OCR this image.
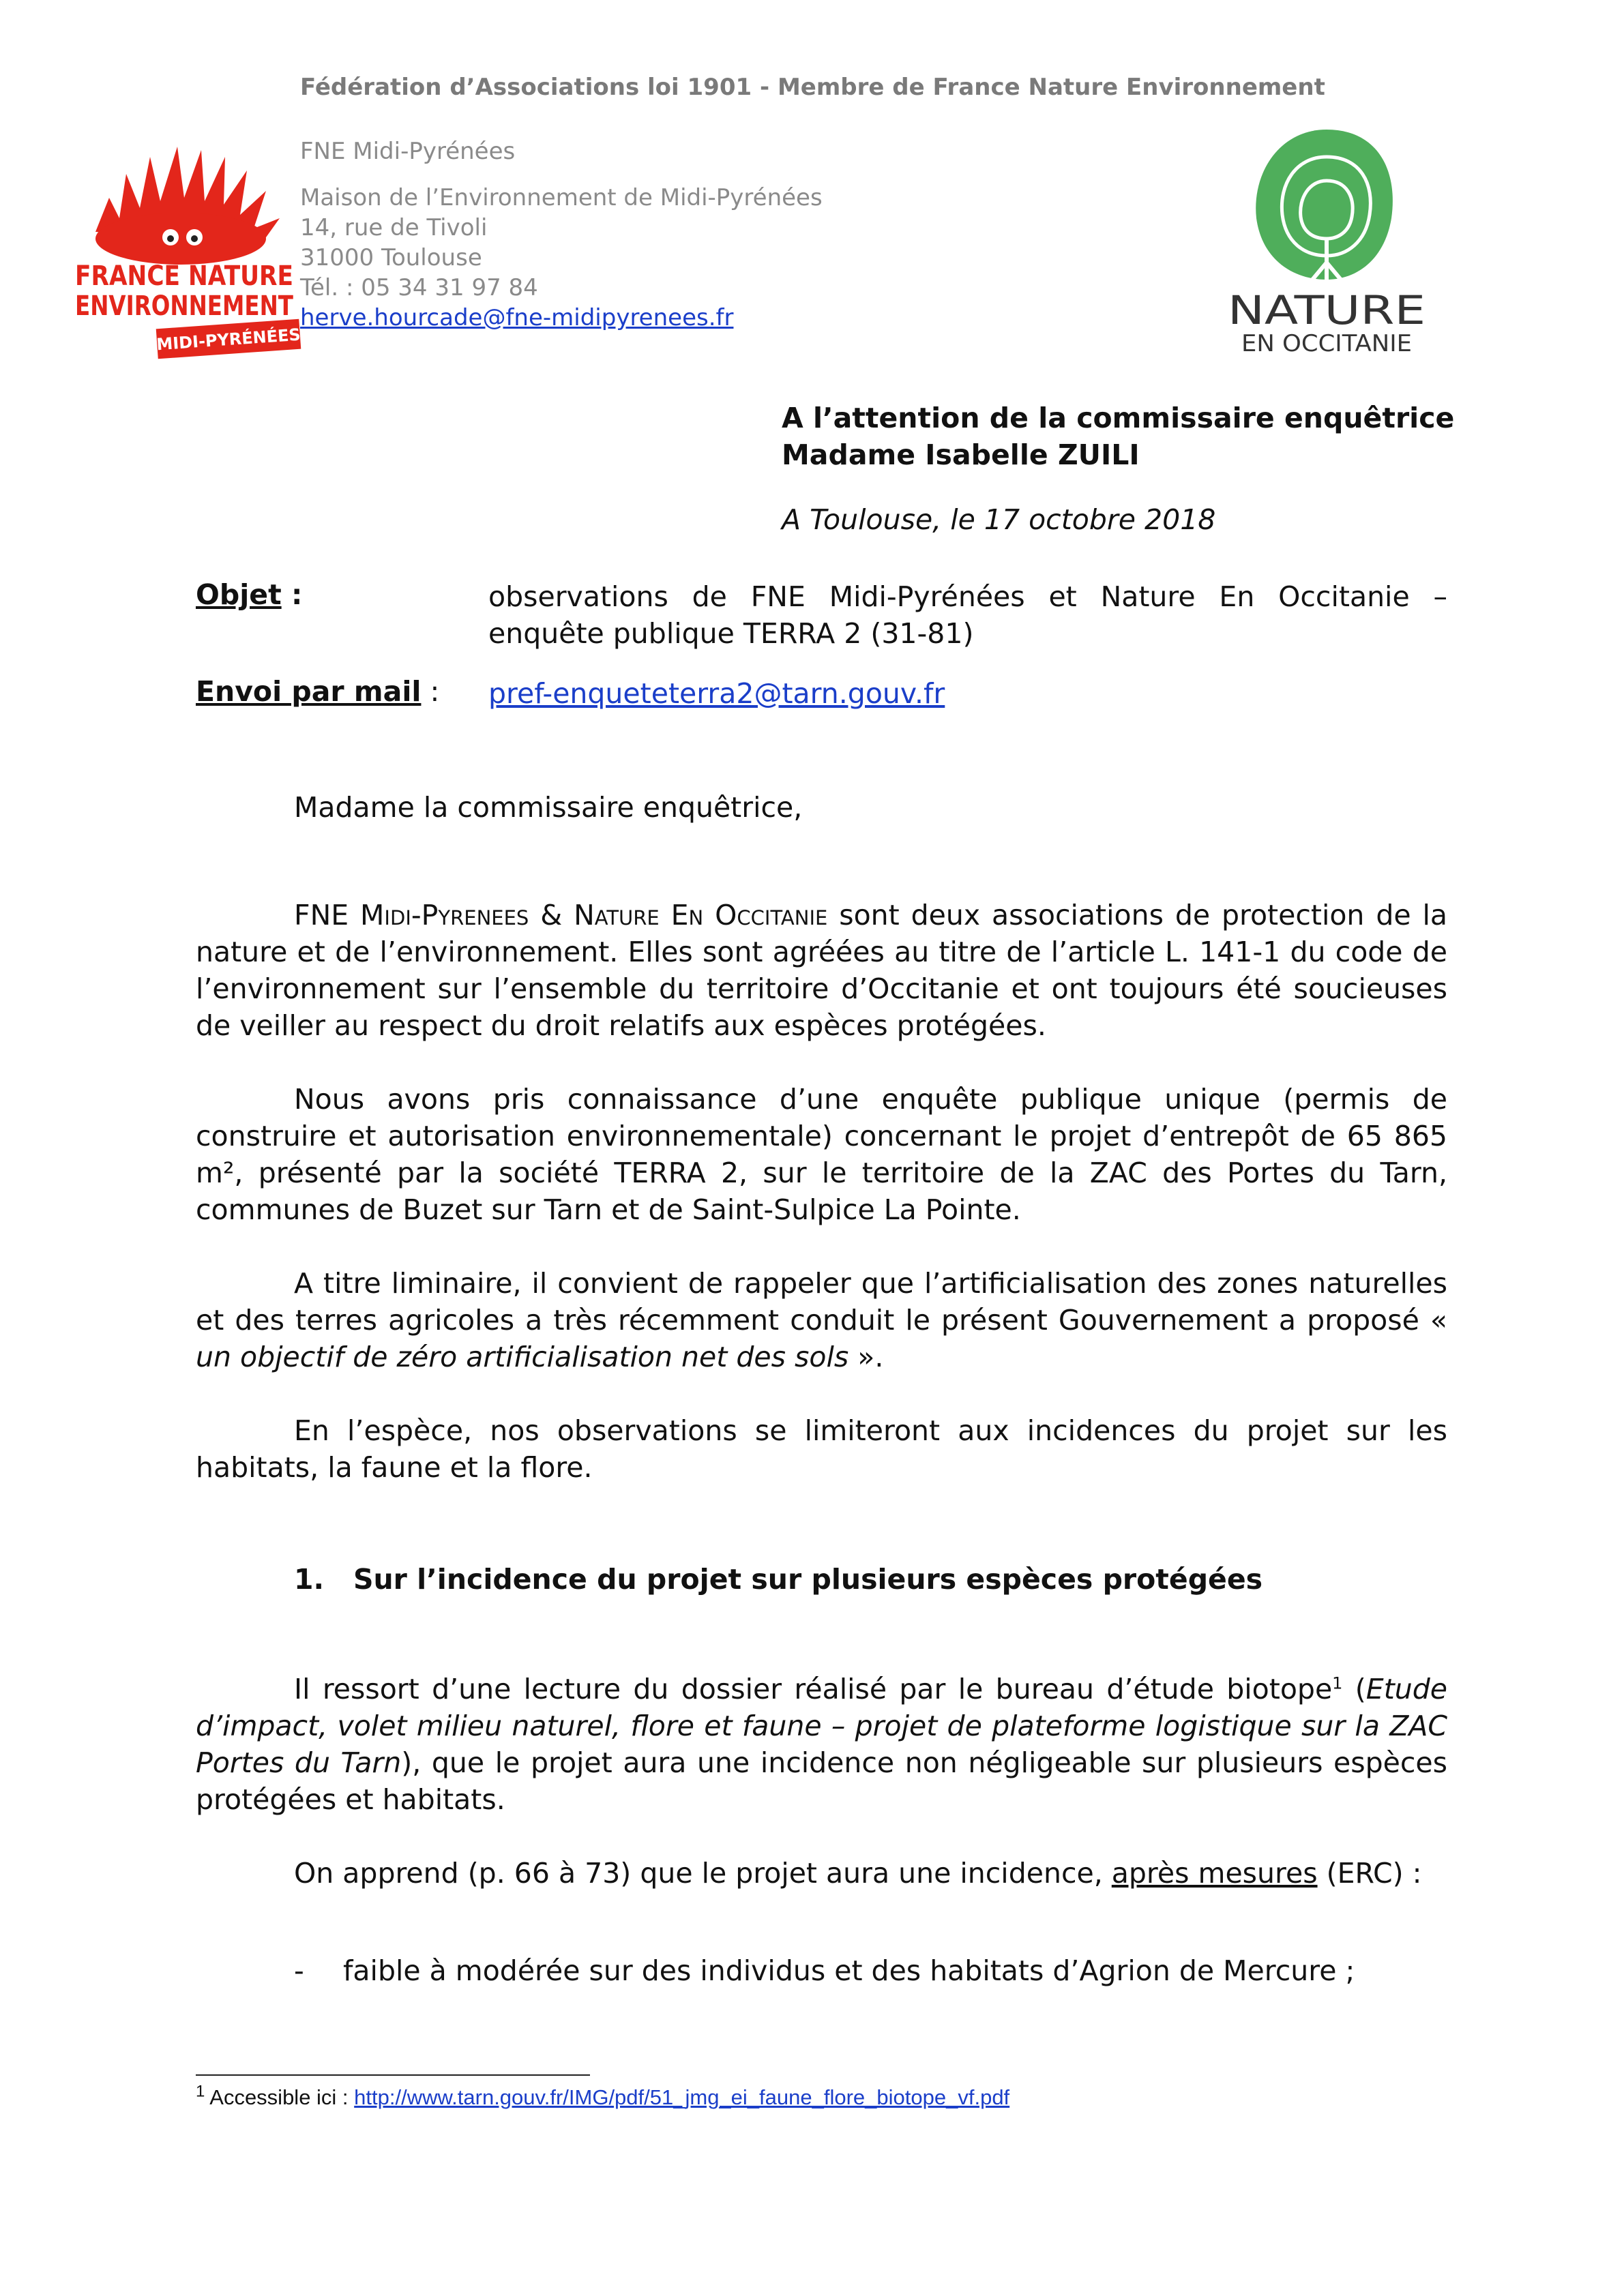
Fédération d’Associations loi 1901 - Membre de France Nature Environnement
FRANCE NATURE
ENVIRONNEMENT
MIDI-PYRÉNÉES
FNE Midi-Pyrénées
Maison de l’Environnement de Midi-Pyrénées
14, rue de Tivoli
31000 Toulouse
Tél. : 05 34 31 97 84
herve.hourcade@fne-midipyrenees.fr	NATURE
EN OCCITANIE
A l’attention de la commissaire enquêtrice
Madame Isabelle ZUILI
A Toulouse, le 17 octobre 2018
Objet :	observations de FNE Midi-Pyrénées et Nature En Occitanie – enquête publique TERRA 2 (31-81)
Envoi par mail : pref-enqueteterra2@tarn.gouv.fr
Madame la commissaire enquêtrice,

FNE Midi-Pyrenees & Nature En Occitanie sont deux associations de protection de la nature et de l’environnement. Elles sont agréées au titre de l’article L. 141-1 du code de l’environnement sur l’ensemble du territoire d’Occitanie et ont toujours été soucieuses de veiller au respect du droit relatifs aux espèces protégées.

Nous avons pris connaissance d’une enquête publique unique (permis de construire et autorisation environnementale) concernant le projet d’entrepôt de 65 865 m², présenté par la société TERRA 2, sur le territoire de la ZAC des Portes du Tarn, communes de Buzet sur Tarn et de Saint-Sulpice La Pointe.

A titre liminaire, il convient de rappeler que l’artificialisation des zones naturelles et des terres agricoles a très récemment conduit le présent Gouvernement a proposé « un objectif de zéro artificialisation net des sols ».

En l’espèce, nos observations se limiteront aux incidences du projet sur les habitats, la faune et la flore.

1. Sur l’incidence du projet sur plusieurs espèces protégées

Il ressort d’une lecture du dossier réalisé par le bureau d’étude biotope$^1$ (Etude d’impact, volet milieu naturel, flore et faune – projet de plateforme logistique sur la ZAC Portes du Tarn), que le projet aura une incidence non négligeable sur plusieurs espèces protégées et habitats.

On apprend (p. 66 à 73) que le projet aura une incidence, après mesures (ERC) :

- faible à modérée sur des individus et des habitats d’Agrion de Mercure ;
$^1$ Accessible ici : http://www.tarn.gouv.fr/IMG/pdf/51_jmg_ei_faune_flore_biotope_vf.pdf
